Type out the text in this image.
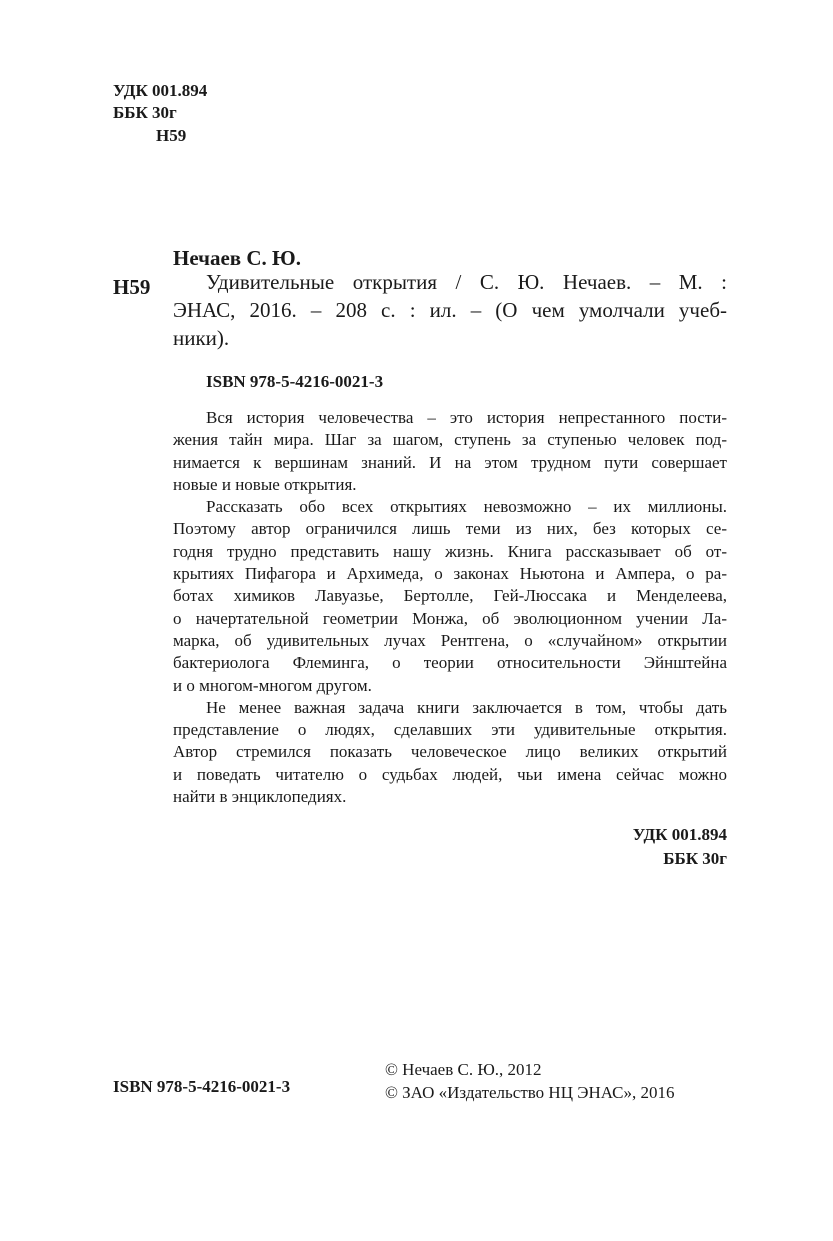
УДК 001.894
ББК 30г
Н59
Нечаев С. Ю.
Н59	Удивительные открытия / С. Ю. Нечаев. – М. :
ЭНАС, 2016. – 208 с. : ил. – (О чем умолчали учеб-
ники).
ISBN 978-5-4216-0021-3
Вся история человечества – это история непрестанного пости-
жения тайн мира. Шаг за шагом, ступень за ступенью человек под-
нимается к вершинам знаний. И на этом трудном пути совершает
новые и новые открытия.
Рассказать обо всех открытиях невозможно – их миллионы.
Поэтому автор ограничился лишь теми из них, без которых се-
годня трудно представить нашу жизнь. Книга рассказывает об от-
крытиях Пифагора и Архимеда, о законах Ньютона и Ампера, о ра-
ботах химиков Лавуазье, Бертолле, Гей-Люссака и Менделеева,
о начертательной геометрии Монжа, об эволюционном учении Ла-
марка, об удивительных лучах Рентгена, о «случайном» открытии
бактериолога Флеминга, о теории относительности Эйнштейна
и о многом-многом другом.
Не менее важная задача книги заключается в том, чтобы дать
представление о людях, сделавших эти удивительные открытия.
Автор стремился показать человеческое лицо великих открытий
и поведать читателю о судьбах людей, чьи имена сейчас можно
найти в энциклопедиях.
УДК 001.894
ББК 30г
ISBN 978-5-4216-0021-3
© Нечаев С. Ю., 2012
© ЗАО «Издательство НЦ ЭНАС», 2016
